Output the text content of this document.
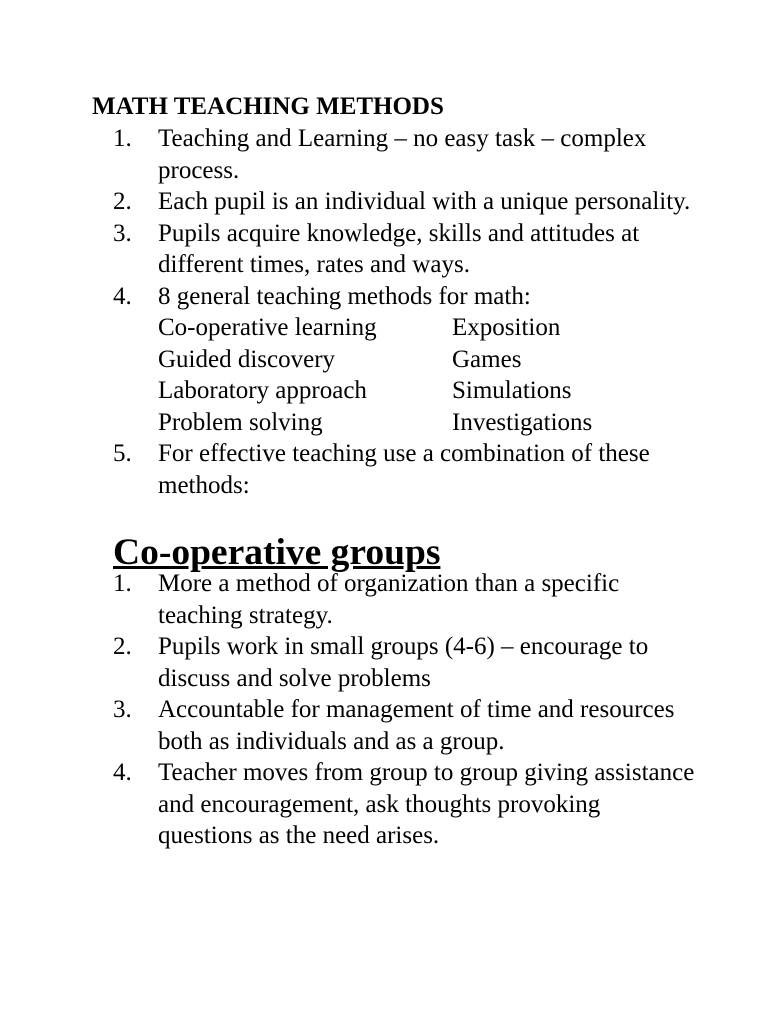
MATH TEACHING METHODS
1. Teaching and Learning – no easy task – complex process.
2. Each pupil is an individual with a unique personality.
3. Pupils acquire knowledge, skills and attitudes at different times, rates and ways.
4. 8 general teaching methods for math:
Co-operative learning	Exposition
Guided discovery	Games
Laboratory approach	Simulations
Problem solving	Investigations
5. For effective teaching use a combination of these methods:
Co-operative groups
1. More a method of organization than a specific teaching strategy.
2. Pupils work in small groups (4-6) – encourage to discuss and solve problems
3. Accountable for management of time and resources both as individuals and as a group.
4. Teacher moves from group to group giving assistance and encouragement, ask thoughts provoking questions as the need arises.
